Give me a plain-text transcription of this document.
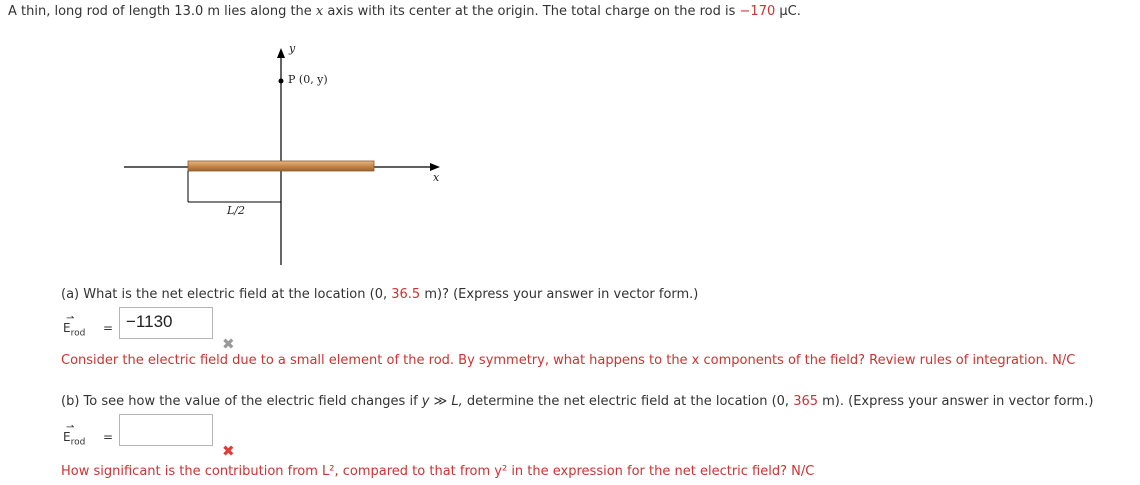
A thin, long rod of length 13.0 m lies along the x axis with its center at the origin. The total charge on the rod is −170 μC.
y
x
P (0, y)
L/2
(a) What is the net electric field at the location (0, 36.5 m)? (Express your answer in vector form.)
⇀
$E_{rod} = -1130$
✖
Consider the electric field due to a small element of the rod. By symmetry, what happens to the x components of the field? Review rules of integration. N/C
(b) To see how the value of the electric field changes if y ≫ L, determine the net electric field at the location (0, 365 m). (Express your answer in vector form.)
⇀
$E_{rod}$ =
✖
How significant is the contribution from L², compared to that from y² in the expression for the net electric field? N/C
